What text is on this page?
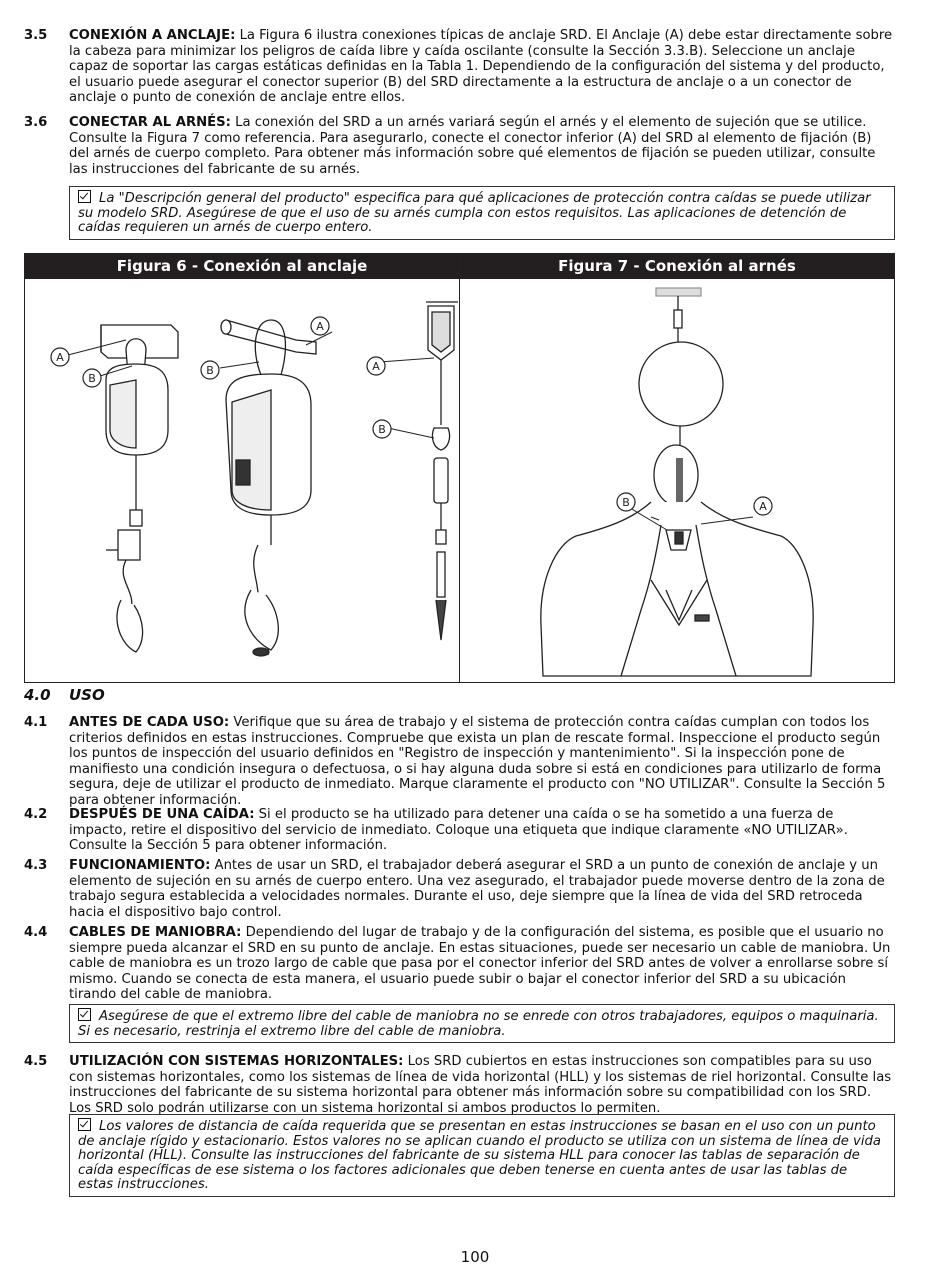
3.5 CONEXIÓN A ANCLAJE: La Figura 6 ilustra conexiones típicas de anclaje SRD. El Anclaje (A) debe estar directamente sobre la cabeza para minimizar los peligros de caída libre y caída oscilante (consulte la Sección 3.3.B). Seleccione un anclaje capaz de soportar las cargas estáticas definidas en la Tabla 1. Dependiendo de la configuración del sistema y del producto, el usuario puede asegurar el conector superior (B) del SRD directamente a la estructura de anclaje o a un conector de anclaje o punto de conexión de anclaje entre ellos.
3.6 CONECTAR AL ARNÉS: La conexión del SRD a un arnés variará según el arnés y el elemento de sujeción que se utilice. Consulte la Figura 7 como referencia. Para asegurarlo, conecte el conector inferior (A) del SRD al elemento de fijación (B) del arnés de cuerpo completo. Para obtener más información sobre qué elementos de fijación se pueden utilizar, consulte las instrucciones del fabricante de su arnés.
La "Descripción general del producto" especifica para qué aplicaciones de protección contra caídas se puede utilizar su modelo SRD. Asegúrese de que el uso de su arnés cumpla con estos requisitos. Las aplicaciones de detención de caídas requieren un arnés de cuerpo entero.
Figura 6 - Conexión al anclaje	Figura 7 - Conexión al arnés
A
B
B
A
A
B
B	A
4.0 USO
4.1 ANTES DE CADA USO: Verifique que su área de trabajo y el sistema de protección contra caídas cumplan con todos los criterios definidos en estas instrucciones. Compruebe que exista un plan de rescate formal. Inspeccione el producto según los puntos de inspección del usuario definidos en "Registro de inspección y mantenimiento". Si la inspección pone de manifiesto una condición insegura o defectuosa, o si hay alguna duda sobre si está en condiciones para utilizarlo de forma segura, deje de utilizar el producto de inmediato. Marque claramente el producto con "NO UTILIZAR". Consulte la Sección 5 para obtener información.
4.2 DESPUÉS DE UNA CAÍDA: Si el producto se ha utilizado para detener una caída o se ha sometido a una fuerza de impacto, retire el dispositivo del servicio de inmediato. Coloque una etiqueta que indique claramente «NO UTILIZAR». Consulte la Sección 5 para obtener información.
4.3 FUNCIONAMIENTO: Antes de usar un SRD, el trabajador deberá asegurar el SRD a un punto de conexión de anclaje y un elemento de sujeción en su arnés de cuerpo entero. Una vez asegurado, el trabajador puede moverse dentro de la zona de trabajo segura establecida a velocidades normales. Durante el uso, deje siempre que la línea de vida del SRD retroceda hacia el dispositivo bajo control.
4.4 CABLES DE MANIOBRA: Dependiendo del lugar de trabajo y de la configuración del sistema, es posible que el usuario no siempre pueda alcanzar el SRD en su punto de anclaje. En estas situaciones, puede ser necesario un cable de maniobra. Un cable de maniobra es un trozo largo de cable que pasa por el conector inferior del SRD antes de volver a enrollarse sobre sí mismo. Cuando se conecta de esta manera, el usuario puede subir o bajar el conector inferior del SRD a su ubicación tirando del cable de maniobra.
Asegúrese de que el extremo libre del cable de maniobra no se enrede con otros trabajadores, equipos o maquinaria. Si es necesario, restrinja el extremo libre del cable de maniobra.
4.5 UTILIZACIÓN CON SISTEMAS HORIZONTALES: Los SRD cubiertos en estas instrucciones son compatibles para su uso con sistemas horizontales, como los sistemas de línea de vida horizontal (HLL) y los sistemas de riel horizontal. Consulte las instrucciones del fabricante de su sistema horizontal para obtener más información sobre su compatibilidad con los SRD. Los SRD solo podrán utilizarse con un sistema horizontal si ambos productos lo permiten.
Los valores de distancia de caída requerida que se presentan en estas instrucciones se basan en el uso con un punto de anclaje rígido y estacionario. Estos valores no se aplican cuando el producto se utiliza con un sistema de línea de vida horizontal (HLL). Consulte las instrucciones del fabricante de su sistema HLL para conocer las tablas de separación de caída específicas de ese sistema o los factores adicionales que deben tenerse en cuenta antes de usar las tablas de estas instrucciones.
100
